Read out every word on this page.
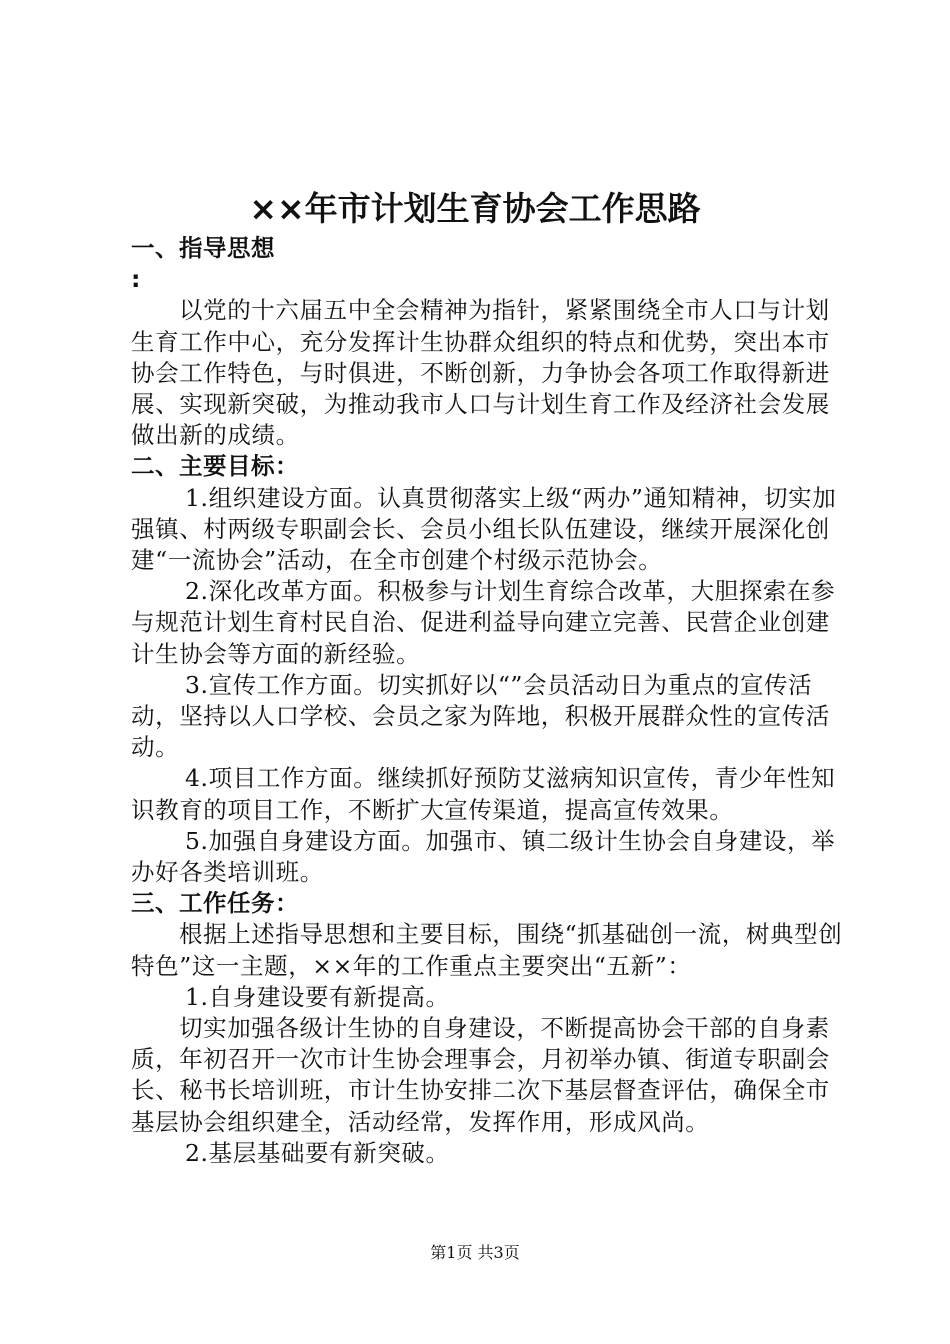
××年市计划生育协会工作思路

一、指导思想

:

以党的十六届五中全会精神为指针，紧紧围绕全市人口与计划生育工作中心，充分发挥计生协群众组织的特点和优势，突出本市协会工作特色，与时俱进，不断创新，力争协会各项工作取得新进展、实现新突破，为推动我市人口与计划生育工作及经济社会发展做出新的成绩。

二、主要目标：

1.组织建设方面。认真贯彻落实上级“两办”通知精神，切实加强镇、村两级专职副会长、会员小组长队伍建设，继续开展深化创建“一流协会”活动，在全市创建个村级示范协会。

2.深化改革方面。积极参与计划生育综合改革，大胆探索在参与规范计划生育村民自治、促进利益导向建立完善、民营企业创建计生协会等方面的新经验。

3.宣传工作方面。切实抓好以“”会员活动日为重点的宣传活动，坚持以人口学校、会员之家为阵地，积极开展群众性的宣传活动。

4.项目工作方面。继续抓好预防艾滋病知识宣传，青少年性知识教育的项目工作，不断扩大宣传渠道，提高宣传效果。

5.加强自身建设方面。加强市、镇二级计生协会自身建设，举办好各类培训班。

三、工作任务：

根据上述指导思想和主要目标，围绕“抓基础创一流，树典型创特色”这一主题，××年的工作重点主要突出“五新”：

1.自身建设要有新提高。

切实加强各级计生协的自身建设，不断提高协会干部的自身素质，年初召开一次市计生协会理事会，月初举办镇、街道专职副会长、秘书长培训班，市计生协安排二次下基层督查评估，确保全市基层协会组织建全，活动经常，发挥作用，形成风尚。

2.基层基础要有新突破。

第1页 共3页
